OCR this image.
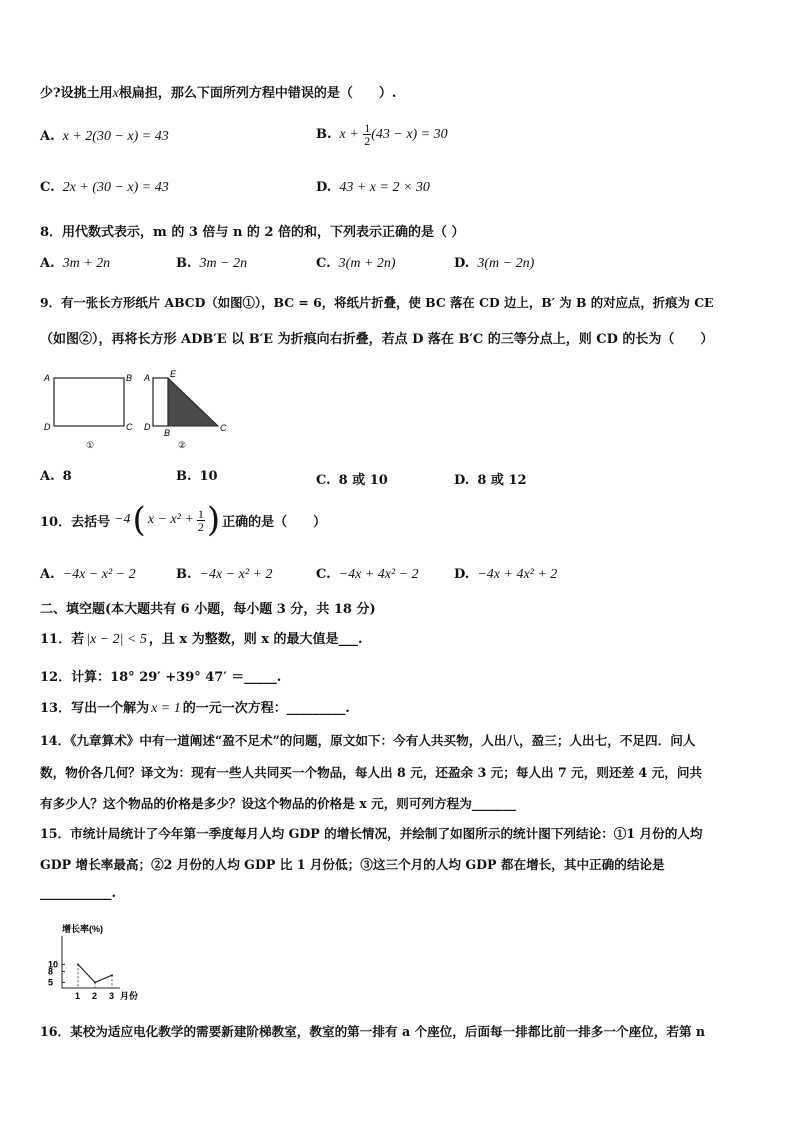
少?设挑土用x根扁担，那么下面所列方程中错误的是（　　）.
A. x + 2(30 − x) = 43	B. $x + \frac{1}{2} (43 - x) = 30$
C. 2x + (30 − x) = 43	D. 43 + x = 2 × 30
8．用代数式表示，m 的 3 倍与 n 的 2 倍的和，下列表示正确的是（ ）
A. 3m + 2n	B. 3m − 2n	C. 3(m + 2n)	D. 3(m − 2n)
9．有一张长方形纸片 ABCD（如图①），BC = 6，将纸片折叠，使 BC 落在 CD 边上，B′ 为 B 的对应点，折痕为 CE
（如图②），再将长方形 ADB′E 以 B′E 为折痕向右折叠，若点 D 落在 B′C 的三等分点上，则 CD 的长为（　　）
A	B
D	C
①
A E
D
B	C
②
A. 8	B. 10	C. 8 或 10	D. 8 或 12
10．去括号 −4 ( $x - x^2 + \frac{1}{2}$ ) 正确的是（　　）
A. −4x − x² − 2	B. −4x − x² + 2	C. −4x + 4x² − 2	D. −4x + 4x² + 2
二、填空题(本大题共有 6 小题，每小题 3 分，共 18 分)
11．若 |x − 2| < 5 ，且 x 为整数，则 x 的最大值是___.
12．计算：18° 29′ +39° 47′ ＝_____.
13．写出一个解为 x = 1 的一元一次方程：_________.
14．《九章算术》中有一道阐述“盈不足术”的问题，原文如下：今有人共买物，人出八，盈三；人出七，不足四．问人
数，物价各几何？译文为：现有一些人共同买一个物品，每人出 8 元，还盈余 3 元；每人出 7 元，则还差 4 元，问共
有多少人？这个物品的价格是多少？设这个物品的价格是 x 元，则可列方程为_______
15．市统计局统计了今年第一季度每月人均 GDP 的增长情况，并绘制了如图所示的统计图下列结论：①1 月份的人均
GDP 增长率最高；②2 月份的人均 GDP 比 1 月份低；③这三个月的人均 GDP 都在增长，其中正确的结论是
___________.
增长率(%)
月份
10
8
5
1 2 3
16．某校为适应电化教学的需要新建阶梯教室，教室的第一排有 a 个座位，后面每一排都比前一排多一个座位，若第 n
